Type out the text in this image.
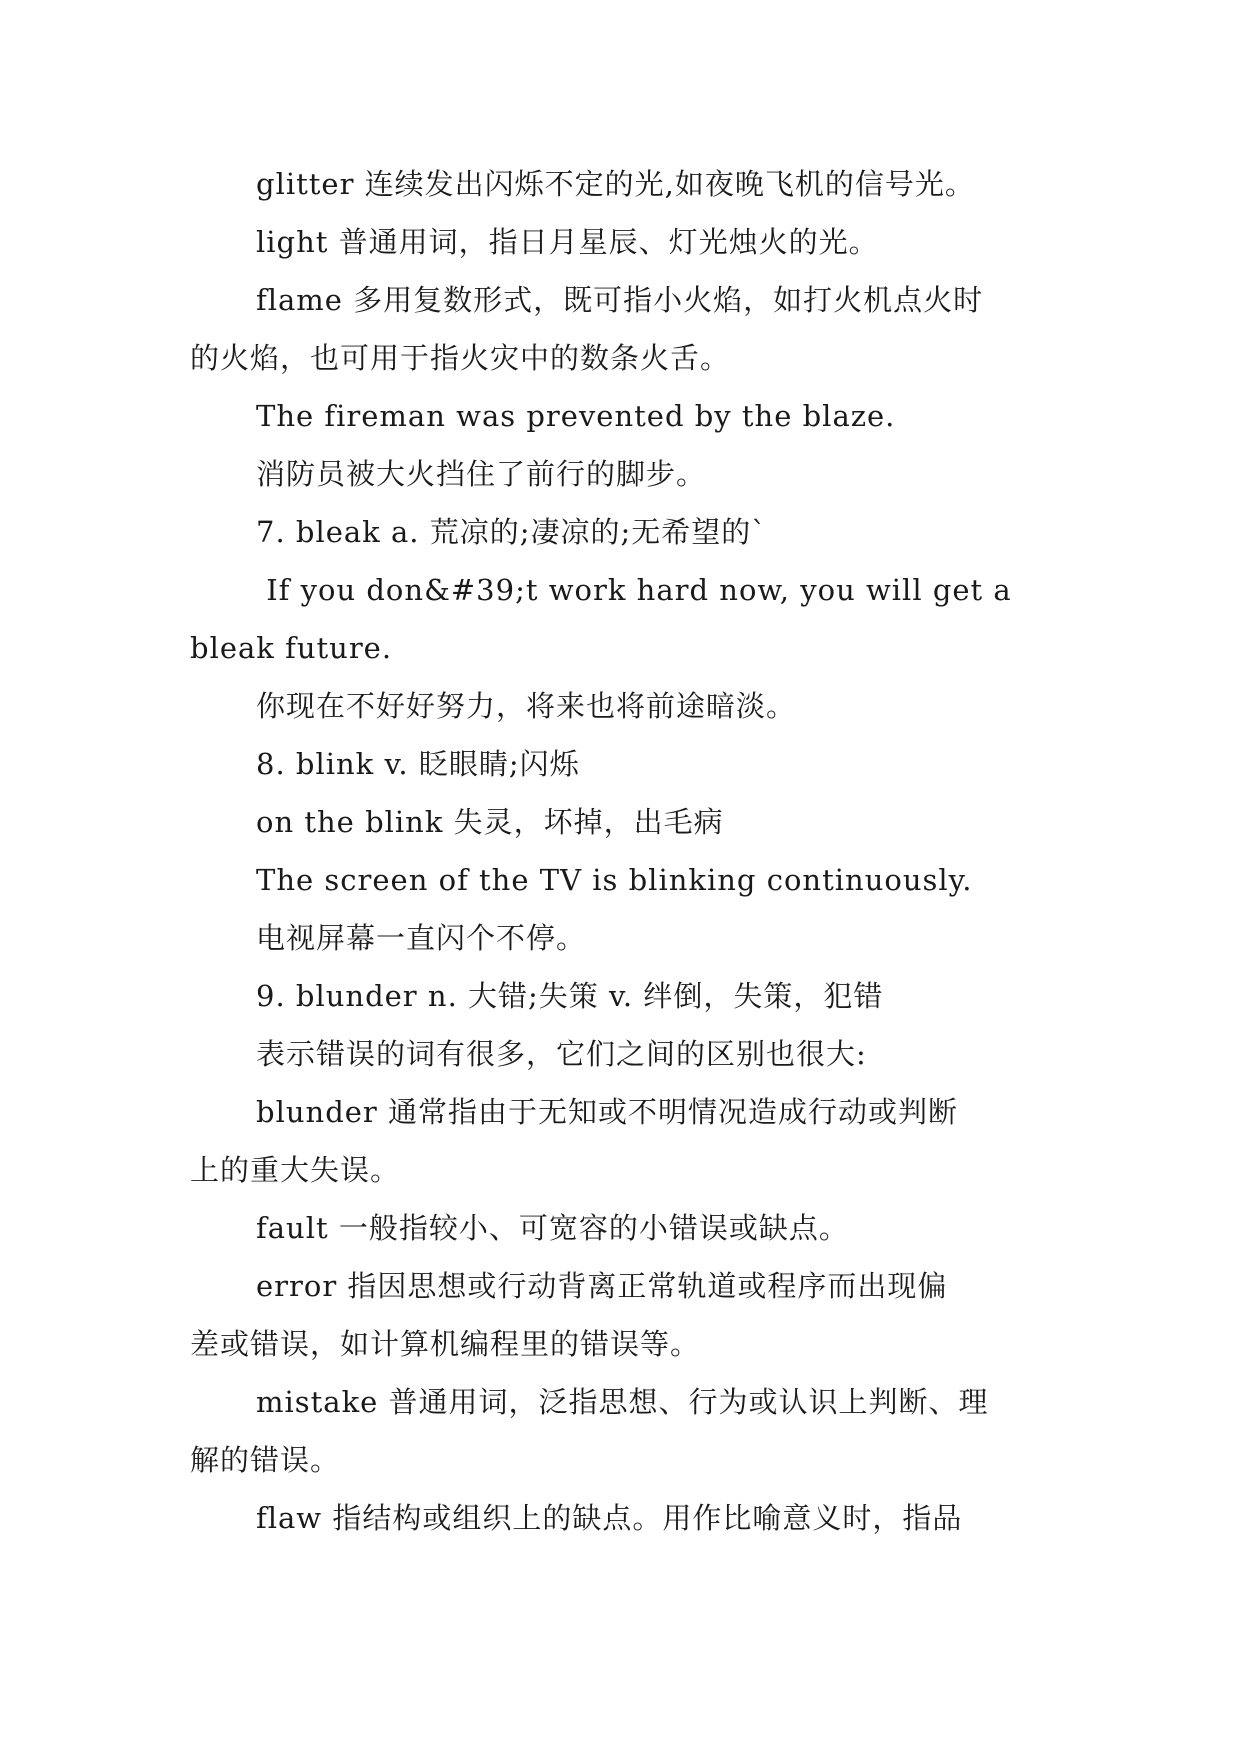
glitter 连续发出闪烁不定的光,如夜晚飞机的信号光。
light 普通用词，指日月星辰、灯光烛火的光。
flame 多用复数形式，既可指小火焰，如打火机点火时
的火焰，也可用于指火灾中的数条火舌。
The fireman was prevented by the blaze.
消防员被大火挡住了前行的脚步。
7. bleak a. 荒凉的;凄凉的;无希望的`
If you don&#39;t work hard now, you will get a
bleak future.
你现在不好好努力，将来也将前途暗淡。
8. blink v. 眨眼睛;闪烁
on the blink 失灵，坏掉，出毛病
The screen of the TV is blinking continuously.
电视屏幕一直闪个不停。
9. blunder n. 大错;失策 v. 绊倒，失策，犯错
表示错误的词有很多，它们之间的区别也很大:
blunder 通常指由于无知或不明情况造成行动或判断
上的重大失误。
fault 一般指较小、可宽容的小错误或缺点。
error 指因思想或行动背离正常轨道或程序而出现偏
差或错误，如计算机编程里的错误等。
mistake 普通用词，泛指思想、行为或认识上判断、理
解的错误。
flaw 指结构或组织上的缺点。用作比喻意义时，指品
